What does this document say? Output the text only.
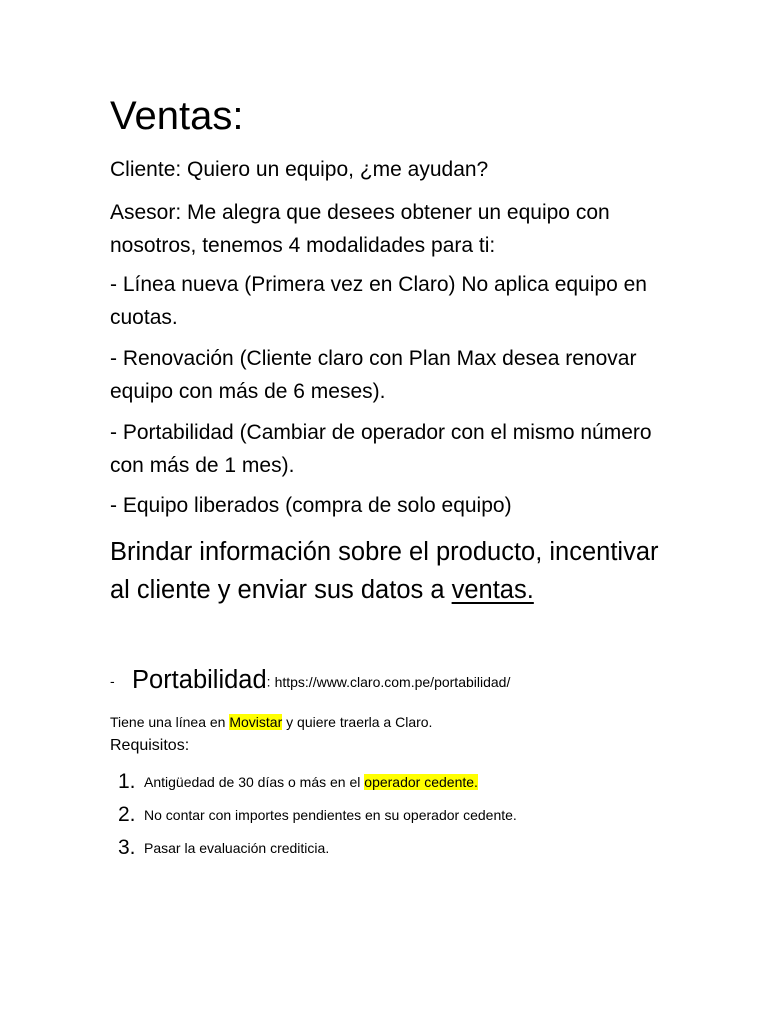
Ventas:

Cliente: Quiero un equipo, ¿me ayudan?

Asesor: Me alegra que desees obtener un equipo con nosotros, tenemos 4 modalidades para ti:

- Línea nueva (Primera vez en Claro) No aplica equipo en cuotas.

- Renovación (Cliente claro con Plan Max desea renovar equipo con más de 6 meses).

- Portabilidad (Cambiar de operador con el mismo número con más de 1 mes).

- Equipo liberados (compra de solo equipo)

Brindar información sobre el producto, incentivar al cliente y enviar sus datos a ventas.

- Portabilidad: https://www.claro.com.pe/portabilidad/

Tiene una línea en Movistar y quiere traerla a Claro.

Requisitos:

1. Antigüedad de 30 días o más en el operador cedente.
2. No contar con importes pendientes en su operador cedente.
3. Pasar la evaluación crediticia.
